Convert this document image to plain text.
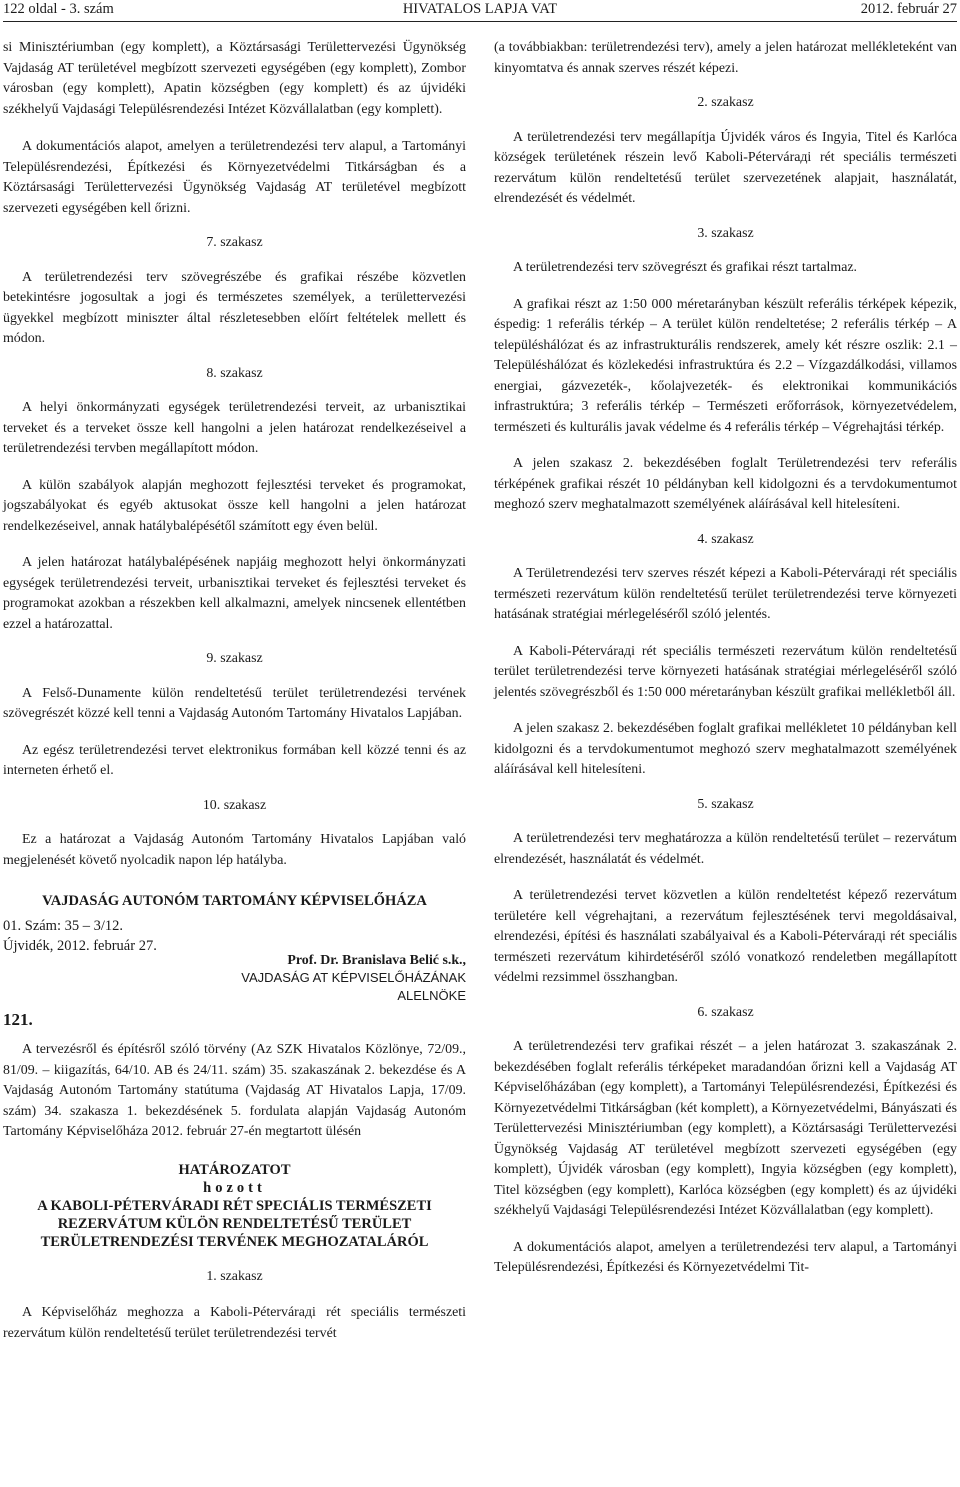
122 oldal - 3. szám	HIVATALOS LAPJA VAT	2012. február 27

si Minisztériumban (egy komplett), a Köztársasági Területtervezési Ügynökség Vajdaság AT területével megbízott szervezeti egységében (egy komplett), Zombor városban (egy komplett), Apatin községben (egy komplett) és az újvidéki székhelyű Vajdasági Településrendezési Intézet Közvállalatban (egy komplett).

A dokumentációs alapot, amelyen a területrendezési terv alapul, a Tartományi Településrendezési, Építkezési és Környezetvédelmi Titkárságban és a Köztársasági Területtervezési Ügynökség Vajdaság AT területével megbízott szervezeti egységében kell őrizni.

7. szakasz

A területrendezési terv szövegrészébe és grafikai részébe közvetlen betekintésre jogosultak a jogi és természetes személyek, a területtervezési ügyekkel megbízott miniszter által részletesebben előírt feltételek mellett és módon.

8. szakasz

A helyi önkormányzati egységek területrendezési terveit, az urbanisztikai terveket és a terveket össze kell hangolni a jelen határozat rendelkezéseivel a területrendezési tervben megállapított módon.

A külön szabályok alapján meghozott fejlesztési terveket és programokat, jogszabályokat és egyéb aktusokat össze kell hangolni a jelen határozat rendelkezéseivel, annak hatálybalépésétől számított egy éven belül.

A jelen határozat hatálybalépésének napjáig meghozott helyi önkormányzati egységek területrendezési terveit, urbanisztikai terveket és fejlesztési terveket és programokat azokban a részekben kell alkalmazni, amelyek nincsenek ellentétben ezzel a határozattal.

9. szakasz

A Felső-Dunamente külön rendeltetésű terület területrendezési tervének szövegrészét közzé kell tenni a Vajdaság Autonóm Tartomány Hivatalos Lapjában.

Az egész területrendezési tervet elektronikus formában kell közzé tenni és az interneten érhető el.

10. szakasz

Ez a határozat a Vajdaság Autonóm Tartomány Hivatalos Lapjában való megjelenését követő nyolcadik napon lép hatályba.

VAJDASÁG AUTONÓM TARTOMÁNY KÉPVISELŐHÁZA
01. Szám: 35 – 3/12.
Újvidék, 2012. február 27.
Prof. Dr. Branislava Belić s.k.,
VAJDASÁG AT KÉPVISELŐHÁZÁNAK
ALELNÖKE
121.

A tervezésről és építésről szóló törvény (Az SZK Hivatalos Közlönye, 72/09., 81/09. – kiigazítás, 64/10. AB és 24/11. szám) 35. szakaszának 2. bekezdése és A Vajdaság Autonóm Tartomány statútuma (Vajdaság AT Hivatalos Lapja, 17/09. szám) 34. szakasza 1. bekezdésének 5. fordulata alapján Vajdaság Autonóm Tartomány Képviselőháza 2012. február 27-én megtartott ülésén

HATÁROZATOT
hozott
A KABOLI-PÉTERVÁRADI RÉT SPECIÁLIS TERMÉSZETI
REZERVÁTUM KÜLÖN RENDELTETÉSŰ TERÜLET
TERÜLETRENDEZÉSI TERVÉNEK MEGHOZATALÁRÓL
1. szakasz

A Képviselőház meghozza a Kaboli-Pétervárадi rét speciális természeti rezervátum külön rendeltetésű terület területrendezési tervét

(a továbbiakban: területrendezési terv), amely a jelen határozat mellékleteként van kinyomtatva és annak szerves részét képezi.

2. szakasz

A területrendezési terv megállapítja Újvidék város és Ingyia, Titel és Karlóca községek területének részein levő Kaboli-Pétervárадi rét speciális természeti rezervátum külön rendeltetésű terület szervezetének alapjait, használatát, elrendezését és védelmét.

3. szakasz

A területrendezési terv szövegrészt és grafikai részt tartalmaz.

A grafikai részt az 1:50 000 méretarányban készült referális térképek képezik, éspedig: 1 referális térkép – A terület külön rendeltetése; 2 referális térkép – A településhálózat és az infrastrukturális rendszerek, amely két részre oszlik: 2.1 – Településhálózat és közlekedési infrastruktúra és 2.2 – Vízgazdálkodási, villamos energiai, gázvezeték-, kőolajvezeték- és elektronikai kommunikációs infrastruktúra; 3 referális térkép – Természeti erőforrások, környezetvédelem, természeti és kulturális javak védelme és 4 referális térkép – Végrehajtási térkép.

A jelen szakasz 2. bekezdésében foglalt Területrendezési terv referális térképének grafikai részét 10 példányban kell kidolgozni és a tervdokumentumot meghozó szerv meghatalmazott személyének aláírásával kell hitelesíteni.

4. szakasz

A Területrendezési terv szerves részét képezi a Kaboli-Pétervárадi rét speciális természeti rezervátum külön rendeltetésű terület területrendezési terve környezeti hatásának stratégiai mérlegeléséről szóló jelentés.

A Kaboli-Pétervárадi rét speciális természeti rezervátum külön rendeltetésű terület területrendezési terve környezeti hatásának stratégiai mérlegeléséről szóló jelentés szövegrészből és 1:50 000 méretarányban készült grafikai mellékletből áll.

A jelen szakasz 2. bekezdésében foglalt grafikai mellékletet 10 példányban kell kidolgozni és a tervdokumentumot meghozó szerv meghatalmazott személyének aláírásával kell hitelesíteni.

5. szakasz

A területrendezési terv meghatározza a külön rendeltetésű terület – rezervátum elrendezését, használatát és védelmét.

A területrendezési tervet közvetlen a külön rendeltetést képező rezervátum területére kell végrehajtani, a rezervátum fejlesztésének tervi megoldásaival, elrendezési, építési és használati szabályaival és a Kaboli-Pétervárадi rét speciális természeti rezervátum kihirdetéséről szóló vonatkozó rendeletben megállapított védelmi rezsimmel összhangban.

6. szakasz

A területrendezési terv grafikai részét – a jelen határozat 3. szakaszának 2. bekezdésében foglalt referális térképeket maradandóan őrizni kell a Vajdaság AT Képviselőházában (egy komplett), a Tartományi Településrendezési, Építkezési és Környezetvédelmi Titkárságban (két komplett), a Környezetvédelmi, Bányászati és Területtervezési Minisztériumban (egy komplett), a Köztársasági Területtervezési Ügynökség Vajdaság AT területével megbízott szervezeti egységében (egy komplett), Újvidék városban (egy komplett), Ingyia községben (egy komplett), Titel községben (egy komplett), Karlóca községben (egy komplett) és az újvidéki székhelyű Vajdasági Településrendezési Intézet Közvállalatban (egy komplett).

A dokumentációs alapot, amelyen a területrendezési terv alapul, a Tartományi Településrendezési, Építkezési és Környezetvédelmi Tit-
